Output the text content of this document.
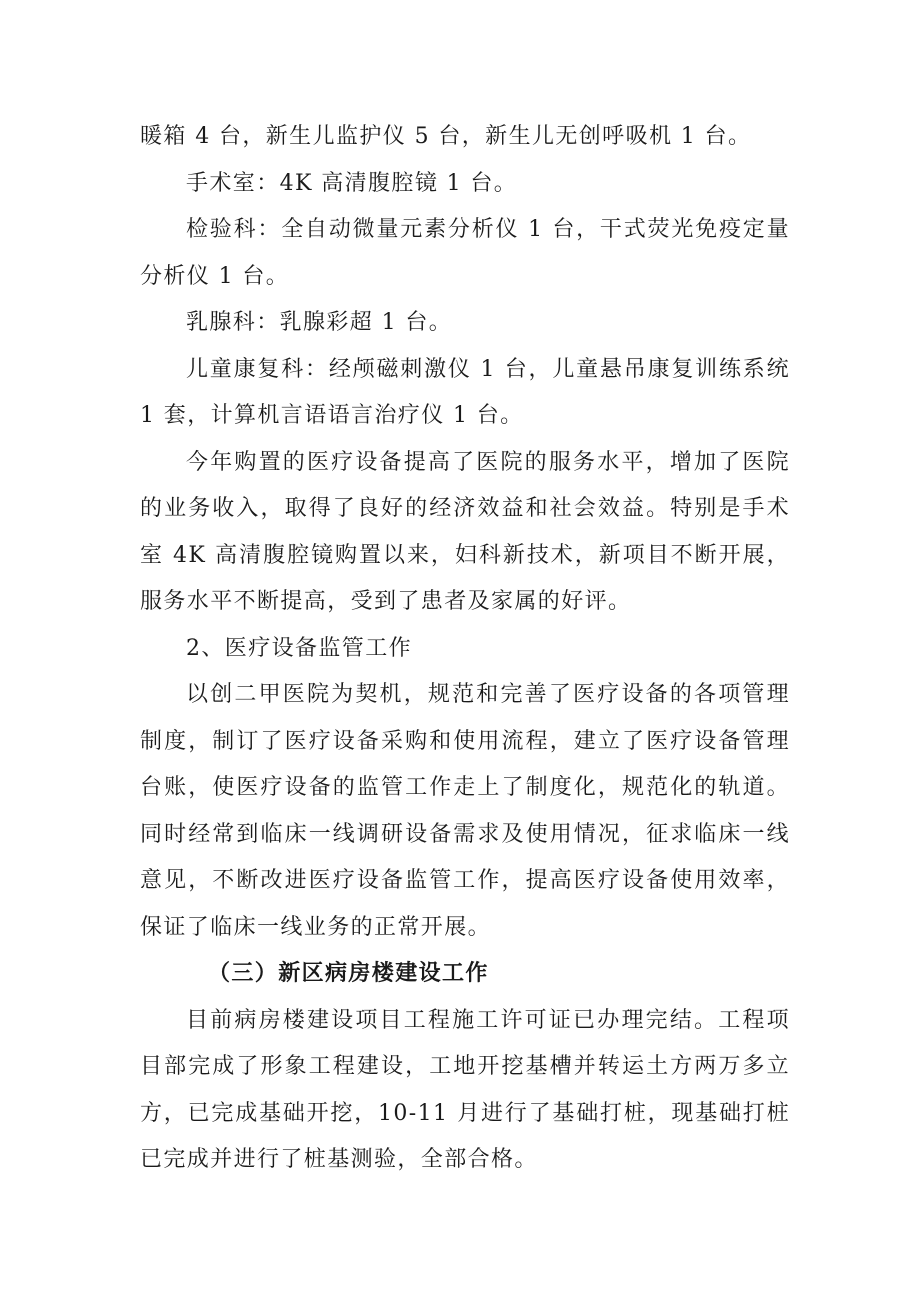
暖箱 4 台，新生儿监护仪 5 台，新生儿无创呼吸机 1 台。

手术室：4K 高清腹腔镜 1 台。

检验科：全自动微量元素分析仪 1 台，干式荧光免疫定量分析仪 1 台。

乳腺科：乳腺彩超 1 台。

儿童康复科：经颅磁刺激仪 1 台，儿童悬吊康复训练系统 1 套，计算机言语语言治疗仪 1 台。

今年购置的医疗设备提高了医院的服务水平，增加了医院的业务收入，取得了良好的经济效益和社会效益。特别是手术室 4K 高清腹腔镜购置以来，妇科新技术，新项目不断开展，服务水平不断提高，受到了患者及家属的好评。

2、医疗设备监管工作

以创二甲医院为契机，规范和完善了医疗设备的各项管理制度，制订了医疗设备采购和使用流程，建立了医疗设备管理台账，使医疗设备的监管工作走上了制度化，规范化的轨道。同时经常到临床一线调研设备需求及使用情况，征求临床一线意见，不断改进医疗设备监管工作，提高医疗设备使用效率，保证了临床一线业务的正常开展。

（三）新区病房楼建设工作

目前病房楼建设项目工程施工许可证已办理完结。工程项目部完成了形象工程建设，工地开挖基槽并转运土方两万多立方，已完成基础开挖，10-11 月进行了基础打桩，现基础打桩已完成并进行了桩基测验，全部合格。
